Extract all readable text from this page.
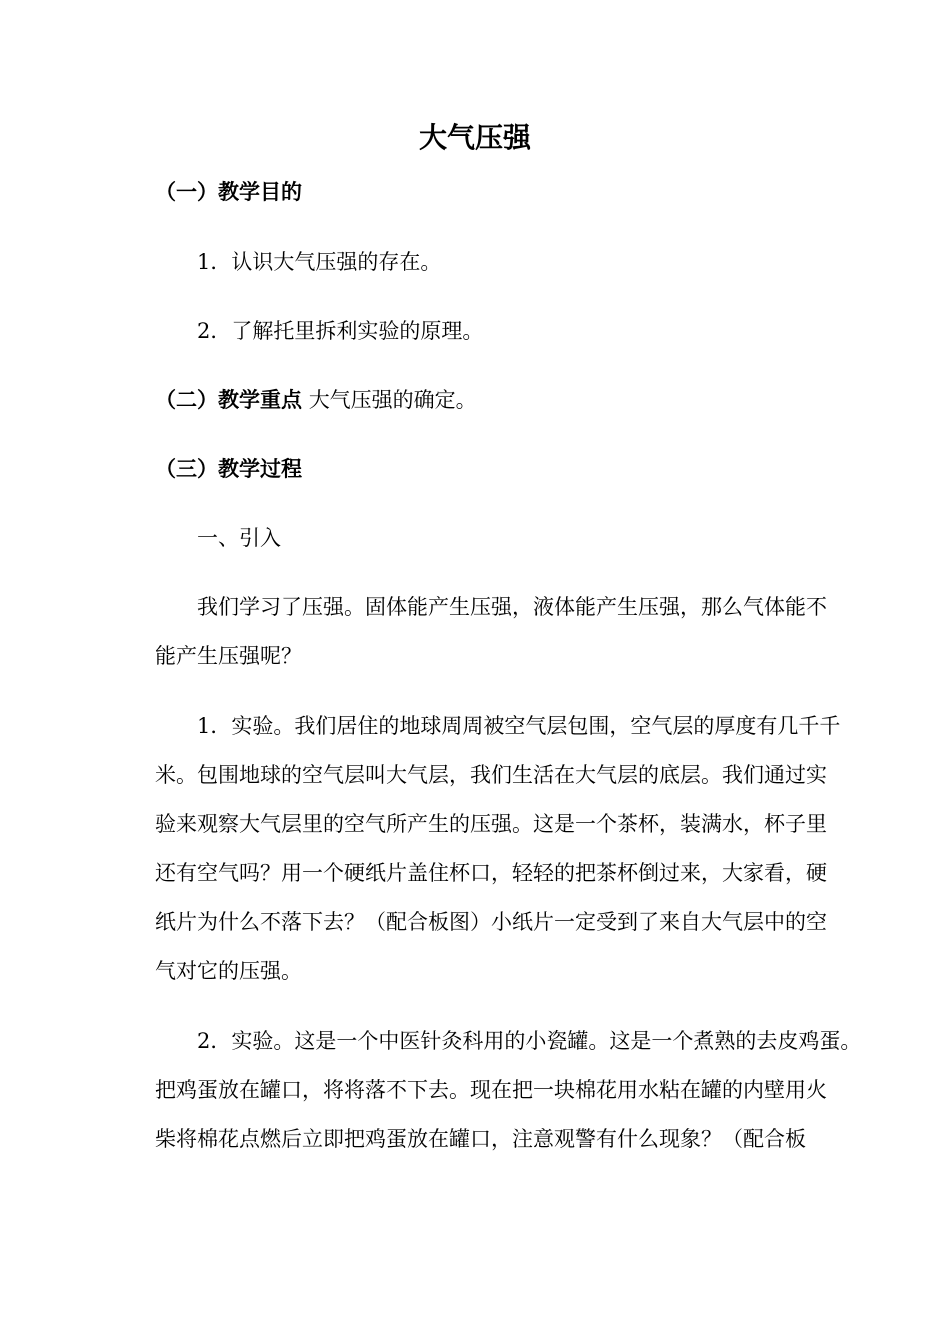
大气压强
（一）教学目的
1．认识大气压强的存在。
2．了解托里拆利实验的原理。
（二）教学重点 大气压强的确定。
（三）教学过程
一、引入
我们学习了压强。固体能产生压强，液体能产生压强，那么气体能不
能产生压强呢？
1．实验。我们居住的地球周周被空气层包围，空气层的厚度有几千千
米。包围地球的空气层叫大气层，我们生活在大气层的底层。我们通过实
验来观察大气层里的空气所产生的压强。这是一个茶杯，装满水，杯子里
还有空气吗？用一个硬纸片盖住杯口，轻轻的把茶杯倒过来，大家看，硬
纸片为什么不落下去？（配合板图）小纸片一定受到了来自大气层中的空
气对它的压强。
2．实验。这是一个中医针灸科用的小瓷罐。这是一个煮熟的去皮鸡蛋。
把鸡蛋放在罐口，将将落不下去。现在把一块棉花用水粘在罐的内壁用火
柴将棉花点燃后立即把鸡蛋放在罐口，注意观警有什么现象？（配合板
